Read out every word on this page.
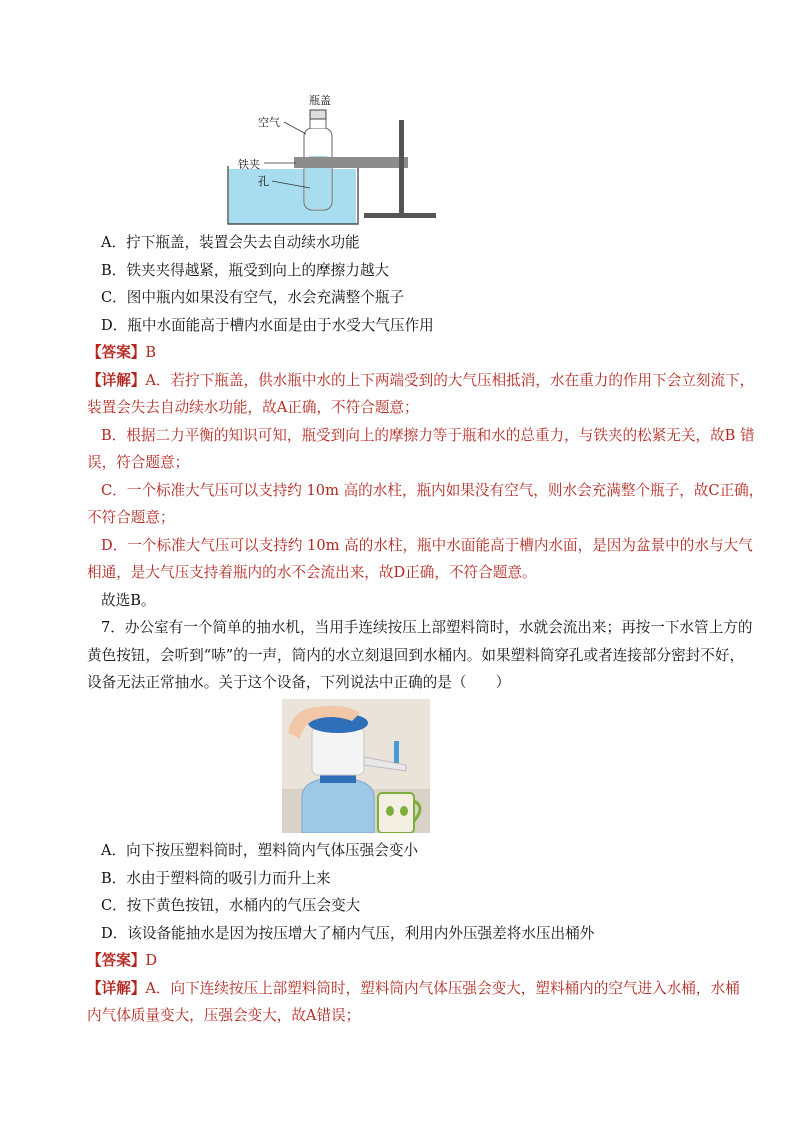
瓶盖
空气
铁夹
孔
A．拧下瓶盖，装置会失去自动续水功能
B．铁夹夹得越紧，瓶受到向上的摩擦力越大
C．图中瓶内如果没有空气，水会充满整个瓶子
D．瓶中水面能高于槽内水面是由于水受大气压作用
【答案】B
【详解】A．若拧下瓶盖，供水瓶中水的上下两端受到的大气压相抵消，水在重力的作用下会立刻流下，
装置会失去自动续水功能，故A正确，不符合题意；
B．根据二力平衡的知识可知，瓶受到向上的摩擦力等于瓶和水的总重力，与铁夹的松紧无关，故B 错
误，符合题意；
C．一个标准大气压可以支持约 10m 高的水柱，瓶内如果没有空气，则水会充满整个瓶子，故C正确，
不符合题意；
D．一个标准大气压可以支持约 10m 高的水柱，瓶中水面能高于槽内水面，是因为盆景中的水与大气
相通，是大气压支持着瓶内的水不会流出来，故D正确，不符合题意。
故选B。
7．办公室有一个简单的抽水机，当用手连续按压上部塑料筒时，水就会流出来；再按一下水管上方的
黄色按钮，会听到“哧”的一声，筒内的水立刻退回到水桶内。如果塑料筒穿孔或者连接部分密封不好，
设备无法正常抽水。关于这个设备，下列说法中正确的是（　　）
A．向下按压塑料筒时，塑料筒内气体压强会变小
B．水由于塑料筒的吸引力而升上来
C．按下黄色按钮，水桶内的气压会变大
D．该设备能抽水是因为按压增大了桶内气压，利用内外压强差将水压出桶外
【答案】D
【详解】A．向下连续按压上部塑料筒时，塑料筒内气体压强会变大，塑料桶内的空气进入水桶，水桶
内气体质量变大，压强会变大，故A错误；
